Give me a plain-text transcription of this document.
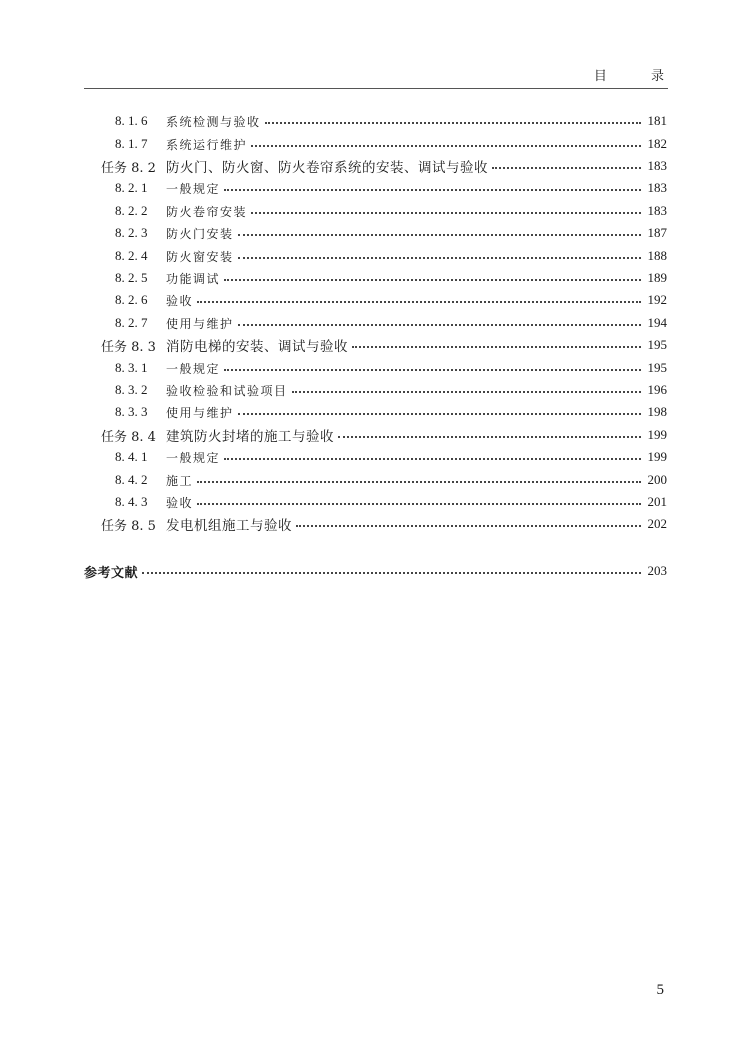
目 录
8. 1. 6	系统检测与验收	181
8. 1. 7	系统运行维护	182
任务 8. 2 防火门、防火窗、防火卷帘系统的安装、调试与验收	183
8. 2. 1	一般规定	183
8. 2. 2	防火卷帘安装	183
8. 2. 3	防火门安装	187
8. 2. 4	防火窗安装	188
8. 2. 5	功能调试	189
8. 2. 6	验收	192
8. 2. 7	使用与维护	194
任务 8. 3 消防电梯的安装、调试与验收	195
8. 3. 1	一般规定	195
8. 3. 2	验收检验和试验项目	196
8. 3. 3	使用与维护	198
任务 8. 4 建筑防火封堵的施工与验收	199
8. 4. 1	一般规定	199
8. 4. 2	施工	200
8. 4. 3	验收	201
任务 8. 5 发电机组施工与验收	202
参考文献	203
5
